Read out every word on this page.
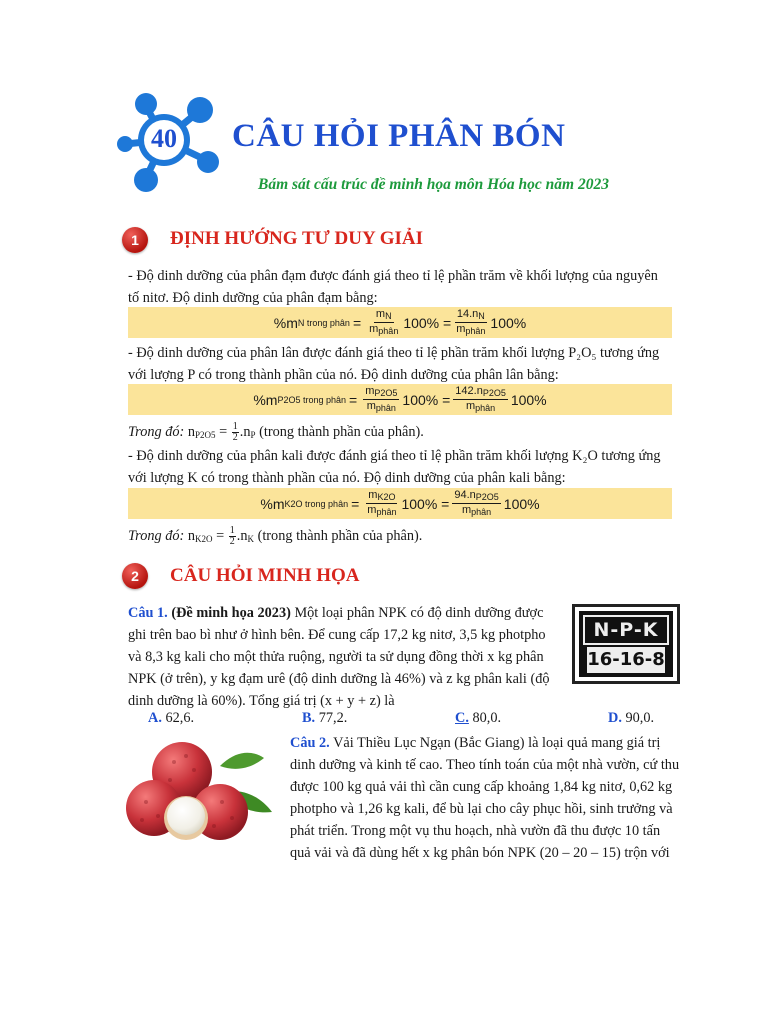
40	CÂU HỎI PHÂN BÓN
Bám sát cấu trúc đề minh họa môn Hóa học năm 2023
1	ĐỊNH HƯỚNG TƯ DUY GIẢI
- Độ dinh dưỡng của phân đạm được đánh giá theo tỉ lệ phần trăm về khối lượng của nguyên
tố nitơ. Độ dinh dưỡng của phân đạm bằng:
%m N trong phân = $\frac{m_N}{m_{phân}} 100\% = \frac{14.n_N}{m_{phân}} 100\%$
- Độ dinh dưỡng của phân lân được đánh giá theo tỉ lệ phần trăm khối lượng P₂O₅ tương ứng
với lượng P có trong thành phần của nó. Độ dinh dưỡng của phân lân bằng:
%m P2O5 trong phân = $\frac{m_{P2O5}}{m_{phân}} 100\% = \frac{142.n_{P2O5}}{m_{phân}} 100\%$
Trong đó: $n_{P2O5} = \frac{1}{2} .n_P$ (trong thành phần của phân).
- Độ dinh dưỡng của phân kali được đánh giá theo tỉ lệ phần trăm khối lượng K₂O tương ứng
với lượng K có trong thành phần của nó. Độ dinh dưỡng của phân kali bằng:
%m K2O trong phân = $\frac{m_{K2O}}{m_{phân}} 100\% = \frac{94.n_{P2O5}}{m_{phân}} 100\%$
Trong đó: $n_{K2O} = \frac{1}{2} .n_K$ (trong thành phần của phân).
2	CÂU HỎI MINH HỌA
Câu 1. (Đề minh họa 2023) Một loại phân NPK có độ dinh dưỡng được
ghi trên bao bì như ở hình bên. Để cung cấp 17,2 kg nitơ, 3,5 kg photpho
và 8,3 kg kali cho một thửa ruộng, người ta sử dụng đồng thời x kg phân
NPK (ở trên), y kg đạm urê (độ dinh dưỡng là 46%) và z kg phân kali (độ
dinh dưỡng là 60%). Tổng giá trị (x + y + z) là
N-P-K
16-16-8
A. 62,6.	B. 77,2.	C. 80,0.	D. 90,0.
Câu 2. Vải Thiều Lục Ngạn (Bắc Giang) là loại quả mang giá trị
dinh dưỡng và kinh tế cao. Theo tính toán của một nhà vườn, cứ thu
được 100 kg quả vải thì cần cung cấp khoảng 1,84 kg nitơ, 0,62 kg
photpho và 1,26 kg kali, để bù lại cho cây phục hồi, sinh trưởng và
phát triển. Trong một vụ thu hoạch, nhà vườn đã thu được 10 tấn
quả vải và đã dùng hết x kg phân bón NPK (20 – 20 – 15) trộn với
